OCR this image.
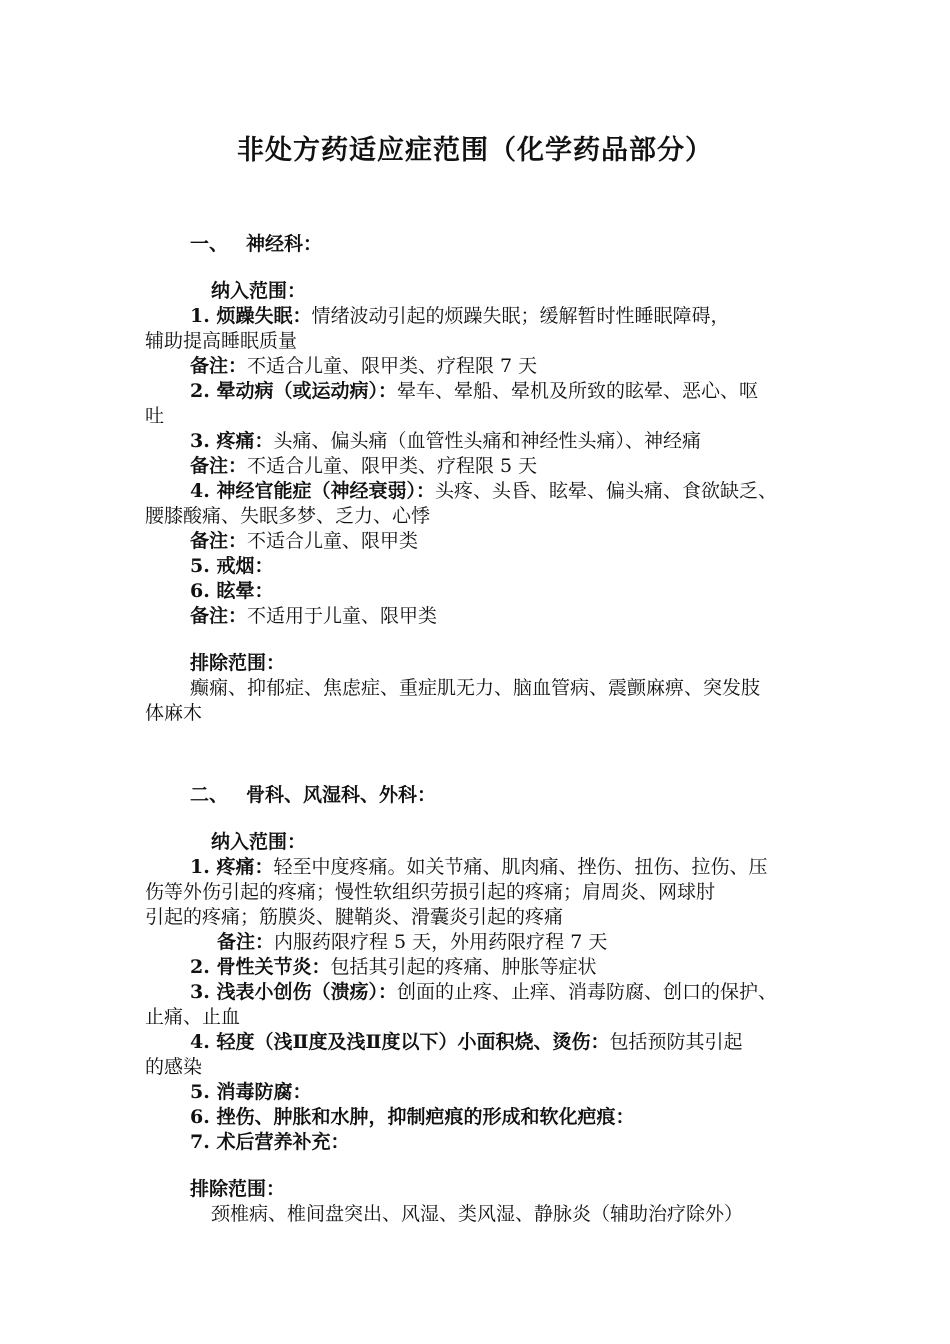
非处方药适应症范围（化学药品部分）
一、 神经科：
纳入范围：
1. 烦躁失眠：情绪波动引起的烦躁失眠；缓解暂时性睡眠障碍，
辅助提高睡眠质量
备注：不适合儿童、限甲类、疗程限 7 天
2. 晕动病（或运动病）：晕车、晕船、晕机及所致的眩晕、恶心、呕
吐
3. 疼痛：头痛、偏头痛（血管性头痛和神经性头痛）、神经痛
备注：不适合儿童、限甲类、疗程限 5 天
4. 神经官能症（神经衰弱）：头疼、头昏、眩晕、偏头痛、食欲缺乏、
腰膝酸痛、失眠多梦、乏力、心悸
备注：不适合儿童、限甲类
5. 戒烟：
6. 眩晕：
备注：不适用于儿童、限甲类
排除范围：
癫痫、抑郁症、焦虑症、重症肌无力、脑血管病、震颤麻痹、突发肢
体麻木
二、 骨科、风湿科、外科：
纳入范围：
1. 疼痛：轻至中度疼痛。如关节痛、肌肉痛、挫伤、扭伤、拉伤、压
伤等外伤引起的疼痛；慢性软组织劳损引起的疼痛；肩周炎、网球肘
引起的疼痛；筋膜炎、腱鞘炎、滑囊炎引起的疼痛
备注：内服药限疗程 5 天，外用药限疗程 7 天
2. 骨性关节炎：包括其引起的疼痛、肿胀等症状
3. 浅表小创伤（溃疡）：创面的止疼、止痒、消毒防腐、创口的保护、
止痛、止血
4. 轻度（浅Ⅱ度及浅Ⅱ度以下）小面积烧、烫伤：包括预防其引起
的感染
5. 消毒防腐：
6. 挫伤、肿胀和水肿，抑制疤痕的形成和软化疤痕：
7. 术后营养补充：
排除范围：
颈椎病、椎间盘突出、风湿、类风湿、静脉炎（辅助治疗除外）
